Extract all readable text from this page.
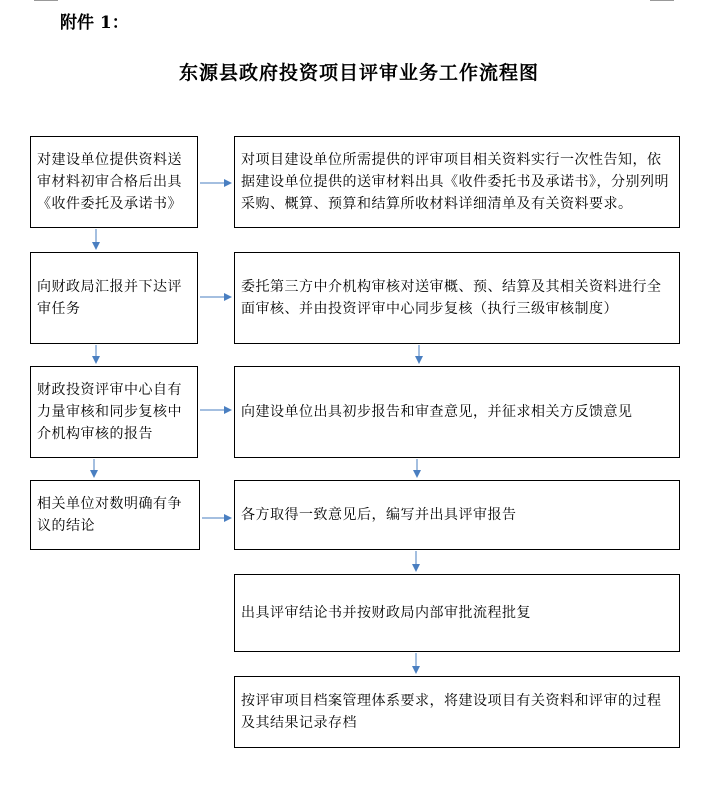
附件 1：
东源县政府投资项目评审业务工作流程图
对建设单位提供资料送审材料初审合格后出具《收件委托及承诺书》
向财政局汇报并下达评审任务
财政投资评审中心自有力量审核和同步复核中介机构审核的报告
相关单位对数明确有争议的结论
对项目建设单位所需提供的评审项目相关资料实行一次性告知，依据建设单位提供的送审材料出具《收件委托书及承诺书》，分别列明采购、概算、预算和结算所收材料详细清单及有关资料要求。
委托第三方中介机构审核对送审概、预、结算及其相关资料进行全面审核、并由投资评审中心同步复核（执行三级审核制度）
向建设单位出具初步报告和审查意见，并征求相关方反馈意见
各方取得一致意见后，编写并出具评审报告
出具评审结论书并按财政局内部审批流程批复
按评审项目档案管理体系要求，将建设项目有关资料和评审的过程及其结果记录存档
